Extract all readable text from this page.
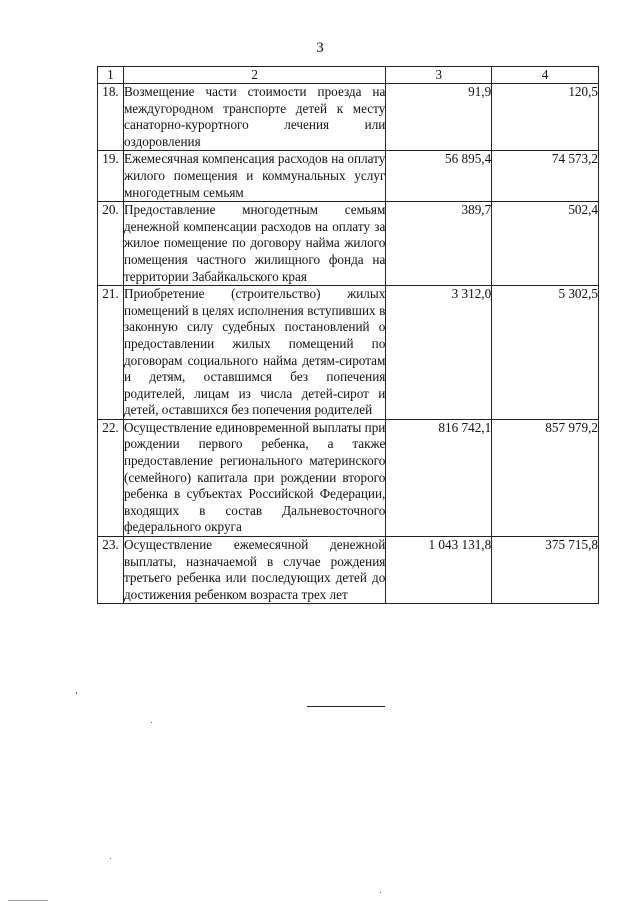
3
1	2	3	4
18.	Возмещение части стоимости проезда на междугородном транспорте детей к месту санаторно-курортного лечения или оздоровления	91,9	120,5
19.	Ежемесячная компенсация расходов на оплату жилого помещения и коммунальных услуг многодетным семьям	56 895,4	74 573,2
20.	Предоставление многодетным семьям денежной компенсации расходов на оплату за жилое помещение по договору найма жилого помещения частного жилищного фонда на территории Забайкальского края	389,7	502,4
21.	Приобретение (строительство) жилых помещений в целях исполнения вступивших в законную силу судебных постановлений о предоставлении жилых помещений по договорам социального найма детям-сиротам и детям, оставшимся без попечения родителей, лицам из числа детей-сирот и детей, оставшихся без попечения родителей	3 312,0	5 302,5
22.	Осуществление единовременной выплаты при рождении первого ребенка, а также предоставление регионального материнского (семейного) капитала при рождении второго ребенка в субъектах Российской Федерации, входящих в состав Дальневосточного федерального округа	816 742,1	857 979,2
23.	Осуществление ежемесячной денежной выплаты, назначаемой в случае рождения третьего ребенка или последующих детей до достижения ребенком возраста трех лет	1 043 131,8	375 715,8
